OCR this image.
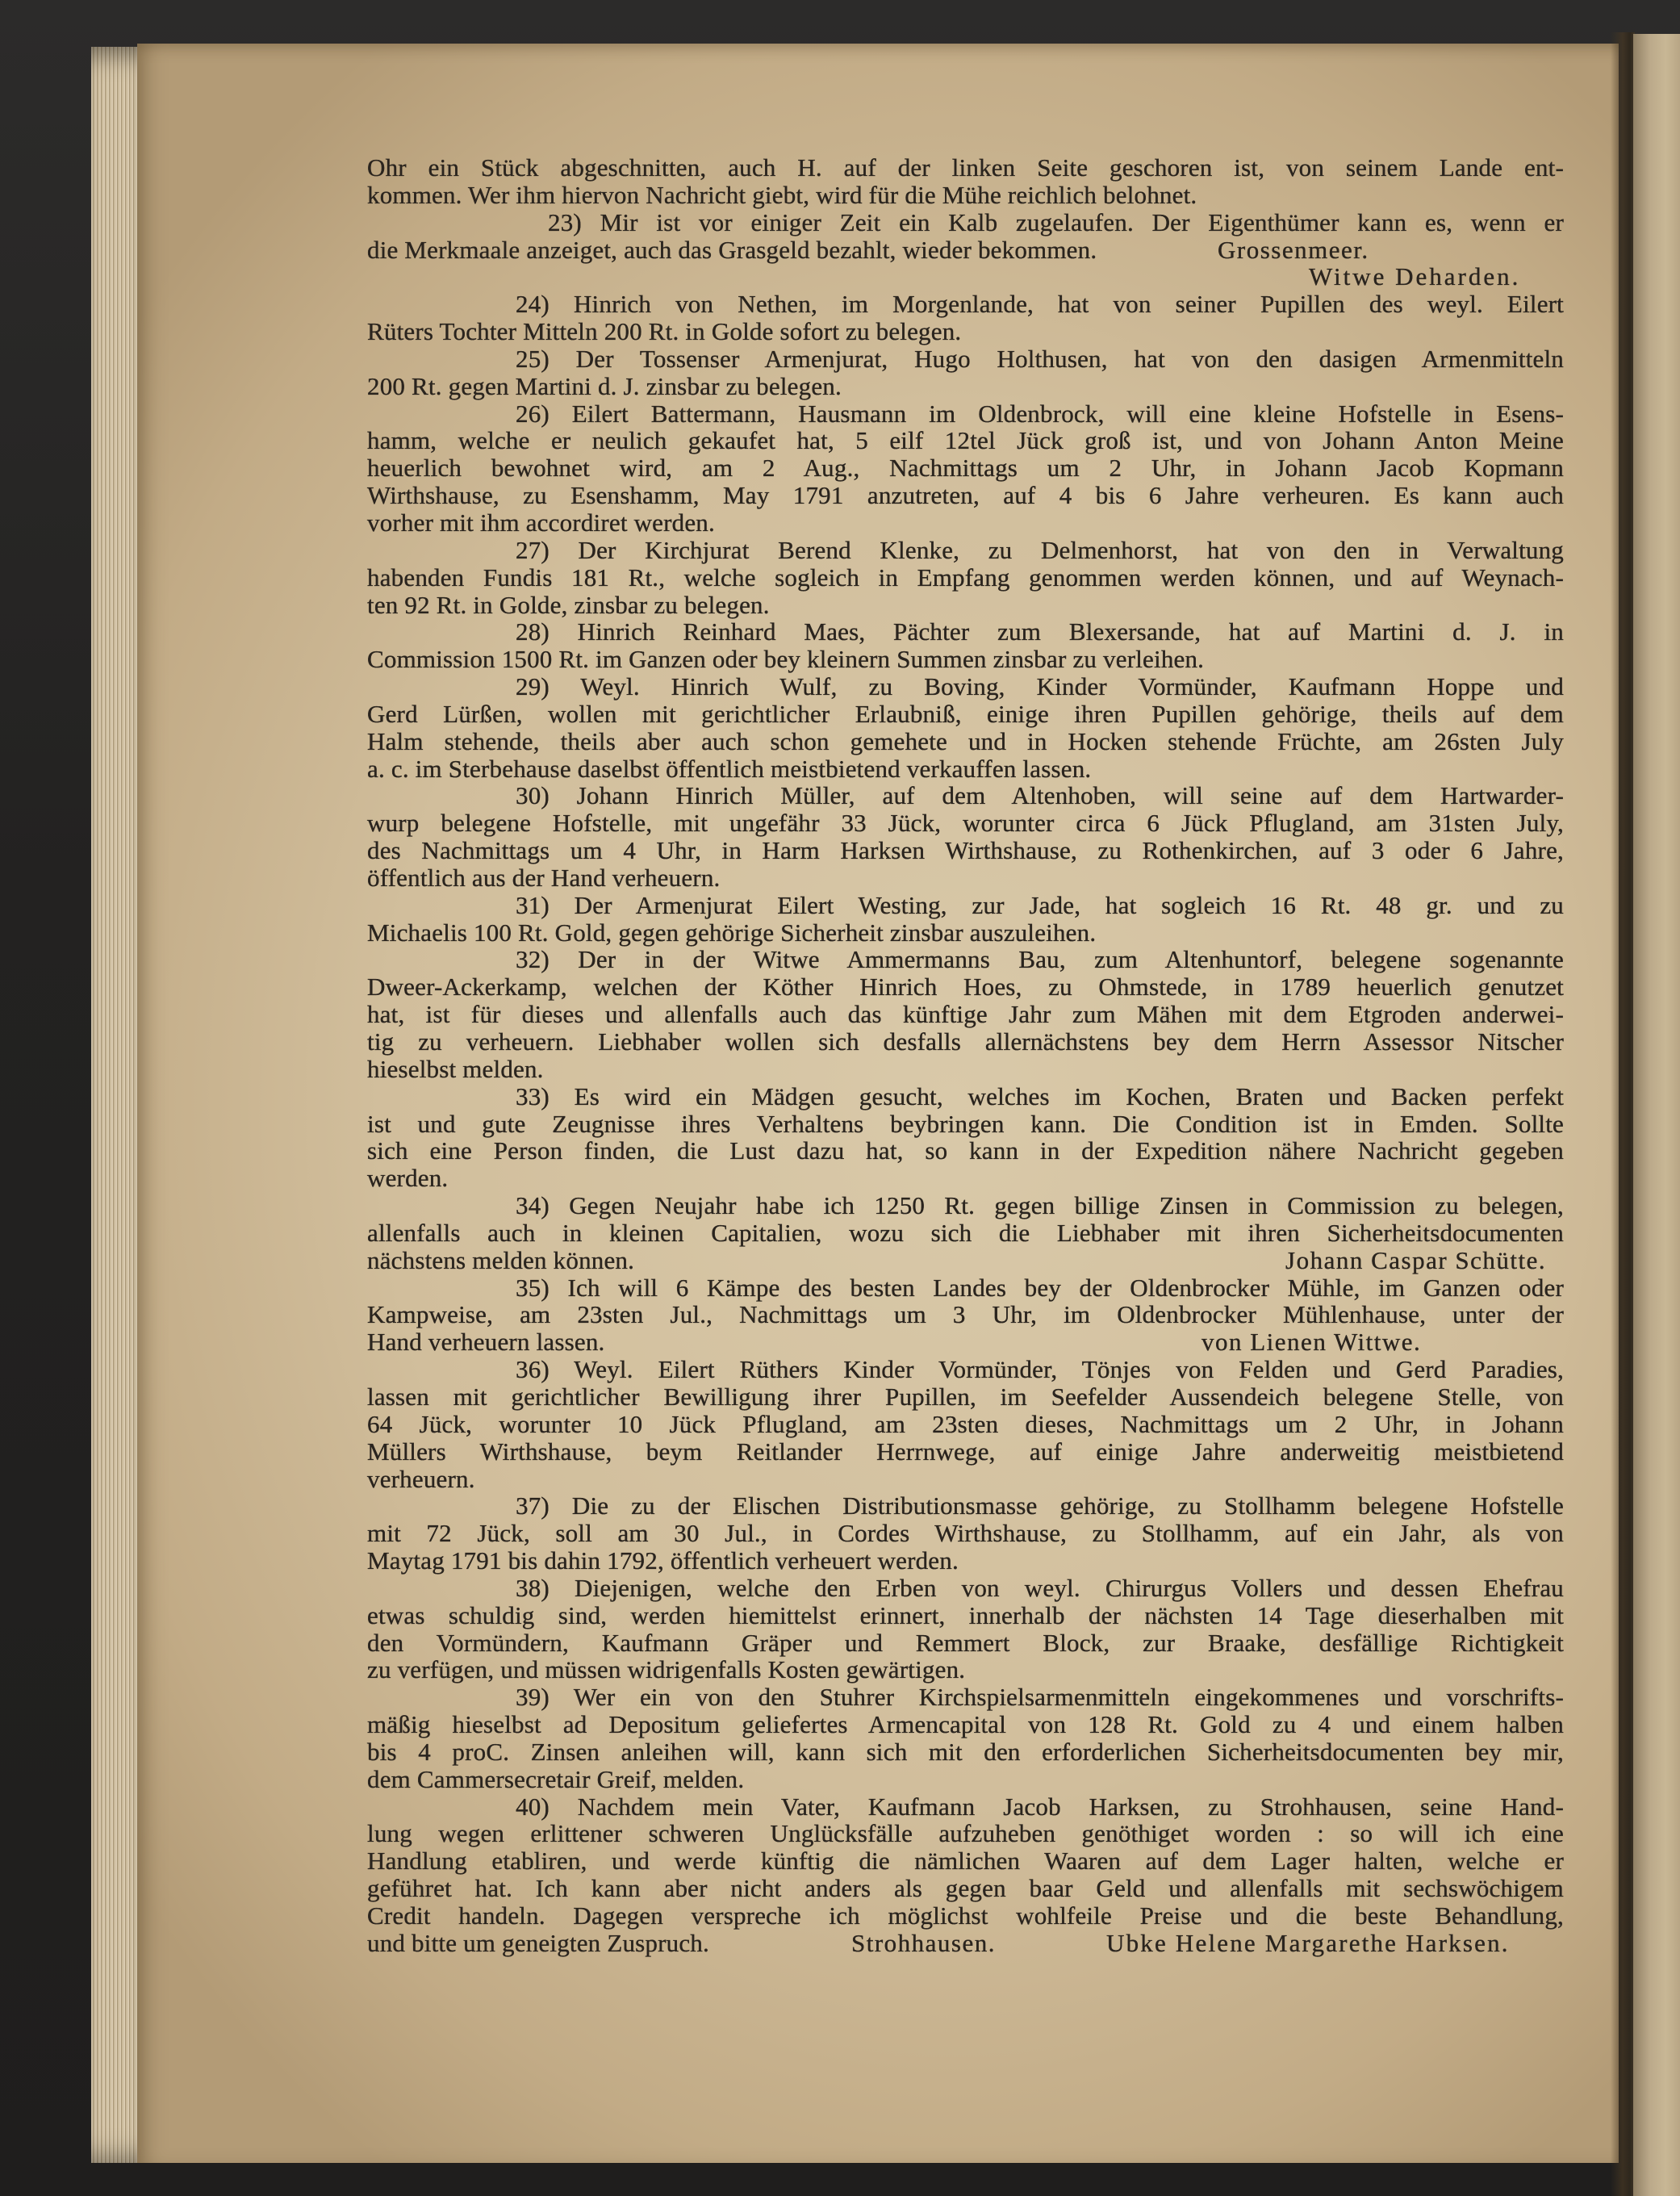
Ohr ein Stück abgeschnitten, auch H. auf der linken Seite geschoren ist, von seinem Lande ent-
kommen. Wer ihm hiervon Nachricht giebt, wird für die Mühe reichlich belohnet.
23) Mir ist vor einiger Zeit ein Kalb zugelaufen. Der Eigenthümer kann es, wenn er
die Merkmaale anzeiget, auch das Grasgeld bezahlt, wieder bekommen.	Grossenmeer.
Witwe Deharden.
24) Hinrich von Nethen, im Morgenlande, hat von seiner Pupillen des weyl. Eilert
Rüters Tochter Mitteln 200 Rt. in Golde sofort zu belegen.
25) Der Tossenser Armenjurat, Hugo Holthusen, hat von den dasigen Armenmitteln
200 Rt. gegen Martini d. J. zinsbar zu belegen.
26) Eilert Battermann, Hausmann im Oldenbrock, will eine kleine Hofstelle in Esens-
hamm, welche er neulich gekaufet hat, 5 eilf 12tel Jück groß ist, und von Johann Anton Meine
heuerlich bewohnet wird, am 2 Aug., Nachmittags um 2 Uhr, in Johann Jacob Kopmann
Wirthshause, zu Esenshamm, May 1791 anzutreten, auf 4 bis 6 Jahre verheuren. Es kann auch
vorher mit ihm accordiret werden.
27) Der Kirchjurat Berend Klenke, zu Delmenhorst, hat von den in Verwaltung
habenden Fundis 181 Rt., welche sogleich in Empfang genommen werden können, und auf Weynach-
ten 92 Rt. in Golde, zinsbar zu belegen.
28) Hinrich Reinhard Maes, Pächter zum Blexersande, hat auf Martini d. J. in
Commission 1500 Rt. im Ganzen oder bey kleinern Summen zinsbar zu verleihen.
29) Weyl. Hinrich Wulf, zu Boving, Kinder Vormünder, Kaufmann Hoppe und
Gerd Lürßen, wollen mit gerichtlicher Erlaubniß, einige ihren Pupillen gehörige, theils auf dem
Halm stehende, theils aber auch schon gemehete und in Hocken stehende Früchte, am 26sten July
a. c. im Sterbehause daselbst öffentlich meistbietend verkauffen lassen.
30) Johann Hinrich Müller, auf dem Altenhoben, will seine auf dem Hartwarder-
wurp belegene Hofstelle, mit ungefähr 33 Jück, worunter circa 6 Jück Pflugland, am 31sten July,
des Nachmittags um 4 Uhr, in Harm Harksen Wirthshause, zu Rothenkirchen, auf 3 oder 6 Jahre,
öffentlich aus der Hand verheuern.
31) Der Armenjurat Eilert Westing, zur Jade, hat sogleich 16 Rt. 48 gr. und zu
Michaelis 100 Rt. Gold, gegen gehörige Sicherheit zinsbar auszuleihen.
32) Der in der Witwe Ammermanns Bau, zum Altenhuntorf, belegene sogenannte
Dweer-Ackerkamp, welchen der Köther Hinrich Hoes, zu Ohmstede, in 1789 heuerlich genutzet
hat, ist für dieses und allenfalls auch das künftige Jahr zum Mähen mit dem Etgroden anderwei-
tig zu verheuern. Liebhaber wollen sich desfalls allernächstens bey dem Herrn Assessor Nitscher
hieselbst melden.
33) Es wird ein Mädgen gesucht, welches im Kochen, Braten und Backen perfekt
ist und gute Zeugnisse ihres Verhaltens beybringen kann. Die Condition ist in Emden. Sollte
sich eine Person finden, die Lust dazu hat, so kann in der Expedition nähere Nachricht gegeben
werden.
34) Gegen Neujahr habe ich 1250 Rt. gegen billige Zinsen in Commission zu belegen,
allenfalls auch in kleinen Capitalien, wozu sich die Liebhaber mit ihren Sicherheitsdocumenten
nächstens melden können.	Johann Caspar Schütte.
35) Ich will 6 Kämpe des besten Landes bey der Oldenbrocker Mühle, im Ganzen oder
Kampweise, am 23sten Jul., Nachmittags um 3 Uhr, im Oldenbrocker Mühlenhause, unter der
Hand verheuern lassen.	von Lienen Wittwe.
36) Weyl. Eilert Rüthers Kinder Vormünder, Tönjes von Felden und Gerd Paradies,
lassen mit gerichtlicher Bewilligung ihrer Pupillen, im Seefelder Aussendeich belegene Stelle, von
64 Jück, worunter 10 Jück Pflugland, am 23sten dieses, Nachmittags um 2 Uhr, in Johann
Müllers Wirthshause, beym Reitlander Herrnwege, auf einige Jahre anderweitig meistbietend
verheuern.
37) Die zu der Elischen Distributionsmasse gehörige, zu Stollhamm belegene Hofstelle
mit 72 Jück, soll am 30 Jul., in Cordes Wirthshause, zu Stollhamm, auf ein Jahr, als von
Maytag 1791 bis dahin 1792, öffentlich verheuert werden.
38) Diejenigen, welche den Erben von weyl. Chirurgus Vollers und dessen Ehefrau
etwas schuldig sind, werden hiemittelst erinnert, innerhalb der nächsten 14 Tage dieserhalben mit
den Vormündern, Kaufmann Gräper und Remmert Block, zur Braake, desfällige Richtigkeit
zu verfügen, und müssen widrigenfalls Kosten gewärtigen.
39) Wer ein von den Stuhrer Kirchspielsarmenmitteln eingekommenes und vorschrifts-
mäßig hieselbst ad Depositum geliefertes Armencapital von 128 Rt. Gold zu 4 und einem halben
bis 4 proC. Zinsen anleihen will, kann sich mit den erforderlichen Sicherheitsdocumenten bey mir,
dem Cammersecretair Greif, melden.
40) Nachdem mein Vater, Kaufmann Jacob Harksen, zu Strohhausen, seine Hand-
lung wegen erlittener schweren Unglücksfälle aufzuheben genöthiget worden : so will ich eine
Handlung etabliren, und werde künftig die nämlichen Waaren auf dem Lager halten, welche er
geführet hat. Ich kann aber nicht anders als gegen baar Geld und allenfalls mit sechswöchigem
Credit handeln. Dagegen verspreche ich möglichst wohlfeile Preise und die beste Behandlung,
und bitte um geneigten Zuspruch.	Strohhausen.	Ubke Helene Margarethe Harksen.
